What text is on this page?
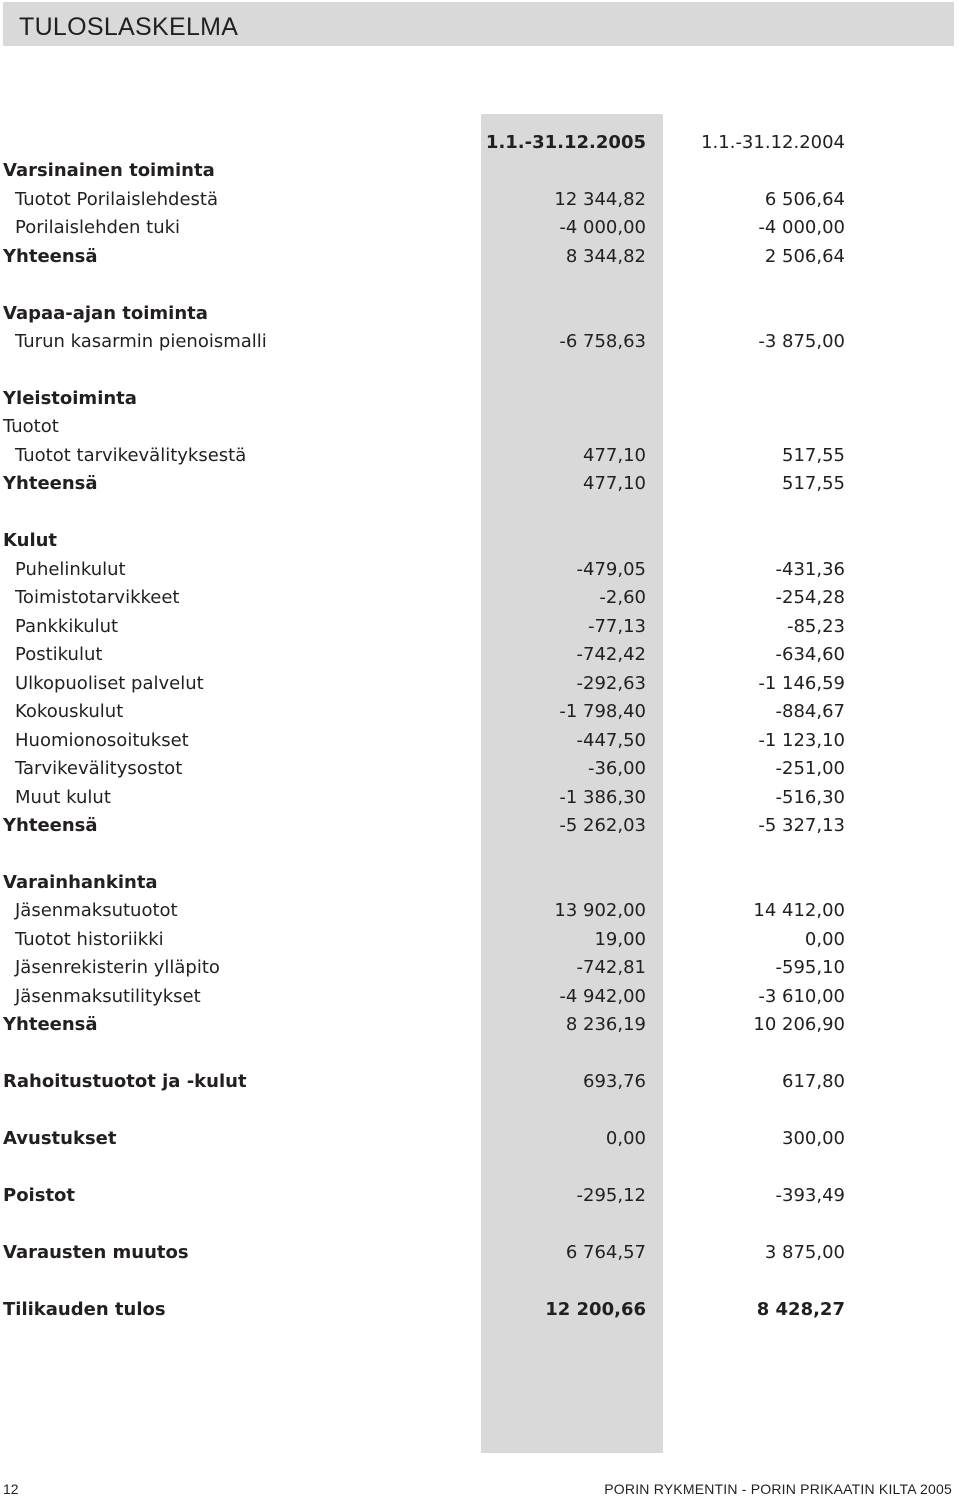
TULOSLASKELMA
1.1.-31.12.2005	1.1.-31.12.2004
Varsinainen toiminta
Tuotot Porilaislehdestä	12 344,82	6 506,64
Porilaislehden tuki	-4 000,00	-4 000,00
Yhteensä	8 344,82	2 506,64
Vapaa-ajan toiminta
Turun kasarmin pienoismalli	-6 758,63	-3 875,00
Yleistoiminta
Tuotot
Tuotot tarvikevälityksestä	477,10	517,55
Yhteensä	477,10	517,55
Kulut
Puhelinkulut	-479,05	-431,36
Toimistotarvikkeet	-2,60	-254,28
Pankkikulut	-77,13	-85,23
Postikulut	-742,42	-634,60
Ulkopuoliset palvelut	-292,63	-1 146,59
Kokouskulut	-1 798,40	-884,67
Huomionosoitukset	-447,50	-1 123,10
Tarvikevälitysostot	-36,00	-251,00
Muut kulut	-1 386,30	-516,30
Yhteensä	-5 262,03	-5 327,13
Varainhankinta
Jäsenmaksutuotot	13 902,00	14 412,00
Tuotot historiikki	19,00	0,00
Jäsenrekisterin ylläpito	-742,81	-595,10
Jäsenmaksutilitykset	-4 942,00	-3 610,00
Yhteensä	8 236,19	10 206,90
Rahoitustuotot ja -kulut	693,76	617,80
Avustukset	0,00	300,00
Poistot	-295,12	-393,49
Varausten muutos	6 764,57	3 875,00
Tilikauden tulos	12 200,66	8 428,27
12	PORIN RYKMENTIN - PORIN PRIKAATIN KILTA 2005
